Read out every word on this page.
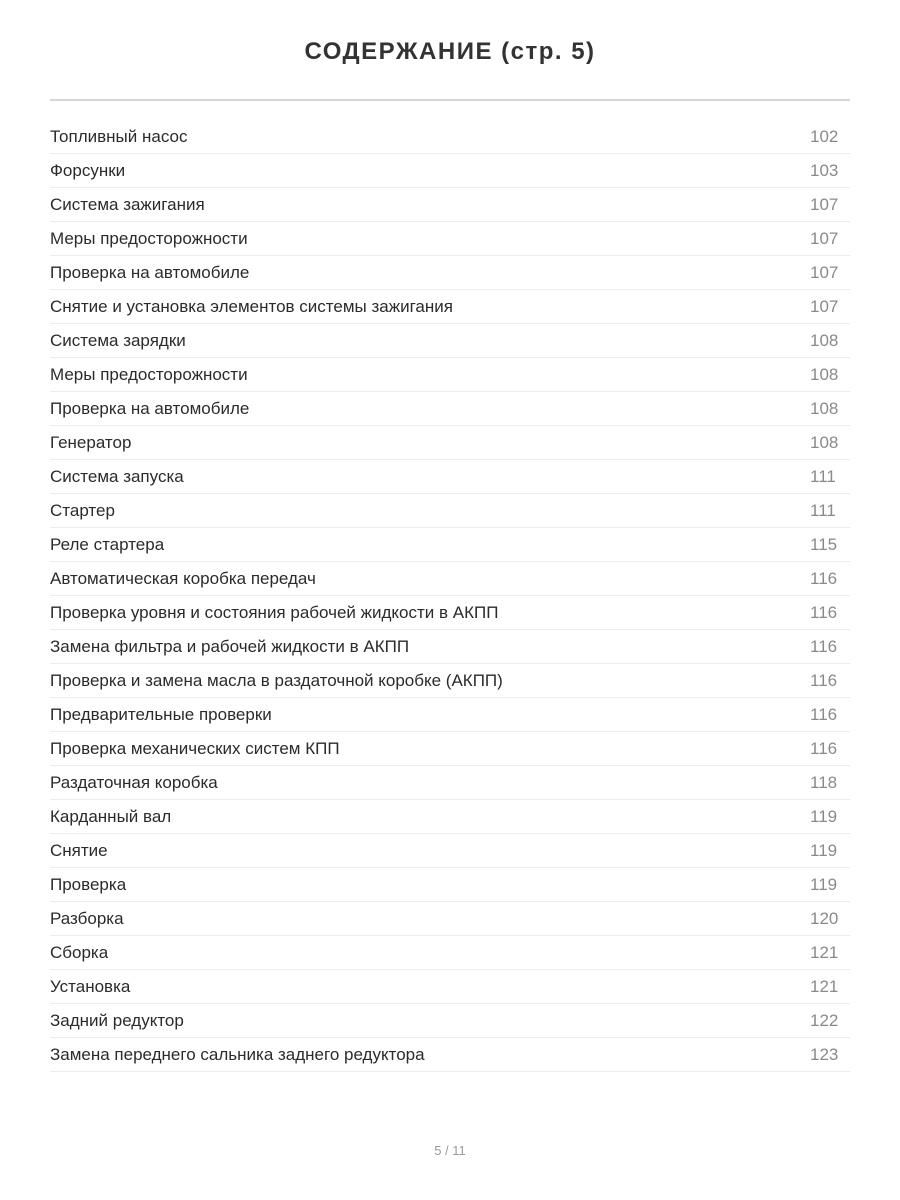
СОДЕРЖАНИЕ (стр. 5)
Топливный насос	102
Форсунки	103
Система зажигания	107
Меры предосторожности	107
Проверка на автомобиле	107
Снятие и установка элементов системы зажигания	107
Система зарядки	108
Меры предосторожности	108
Проверка на автомобиле	108
Генератор	108
Система запуска	111
Стартер	111
Реле стартера	115
Автоматическая коробка передач	116
Проверка уровня и состояния рабочей жидкости в АКПП	116
Замена фильтра и рабочей жидкости в АКПП	116
Проверка и замена масла в раздаточной коробке (АКПП)	116
Предварительные проверки	116
Проверка механических систем КПП	116
Раздаточная коробка	118
Карданный вал	119
Снятие	119
Проверка	119
Разборка	120
Сборка	121
Установка	121
Задний редуктор	122
Замена переднего сальника заднего редуктора	123
5 / 11
